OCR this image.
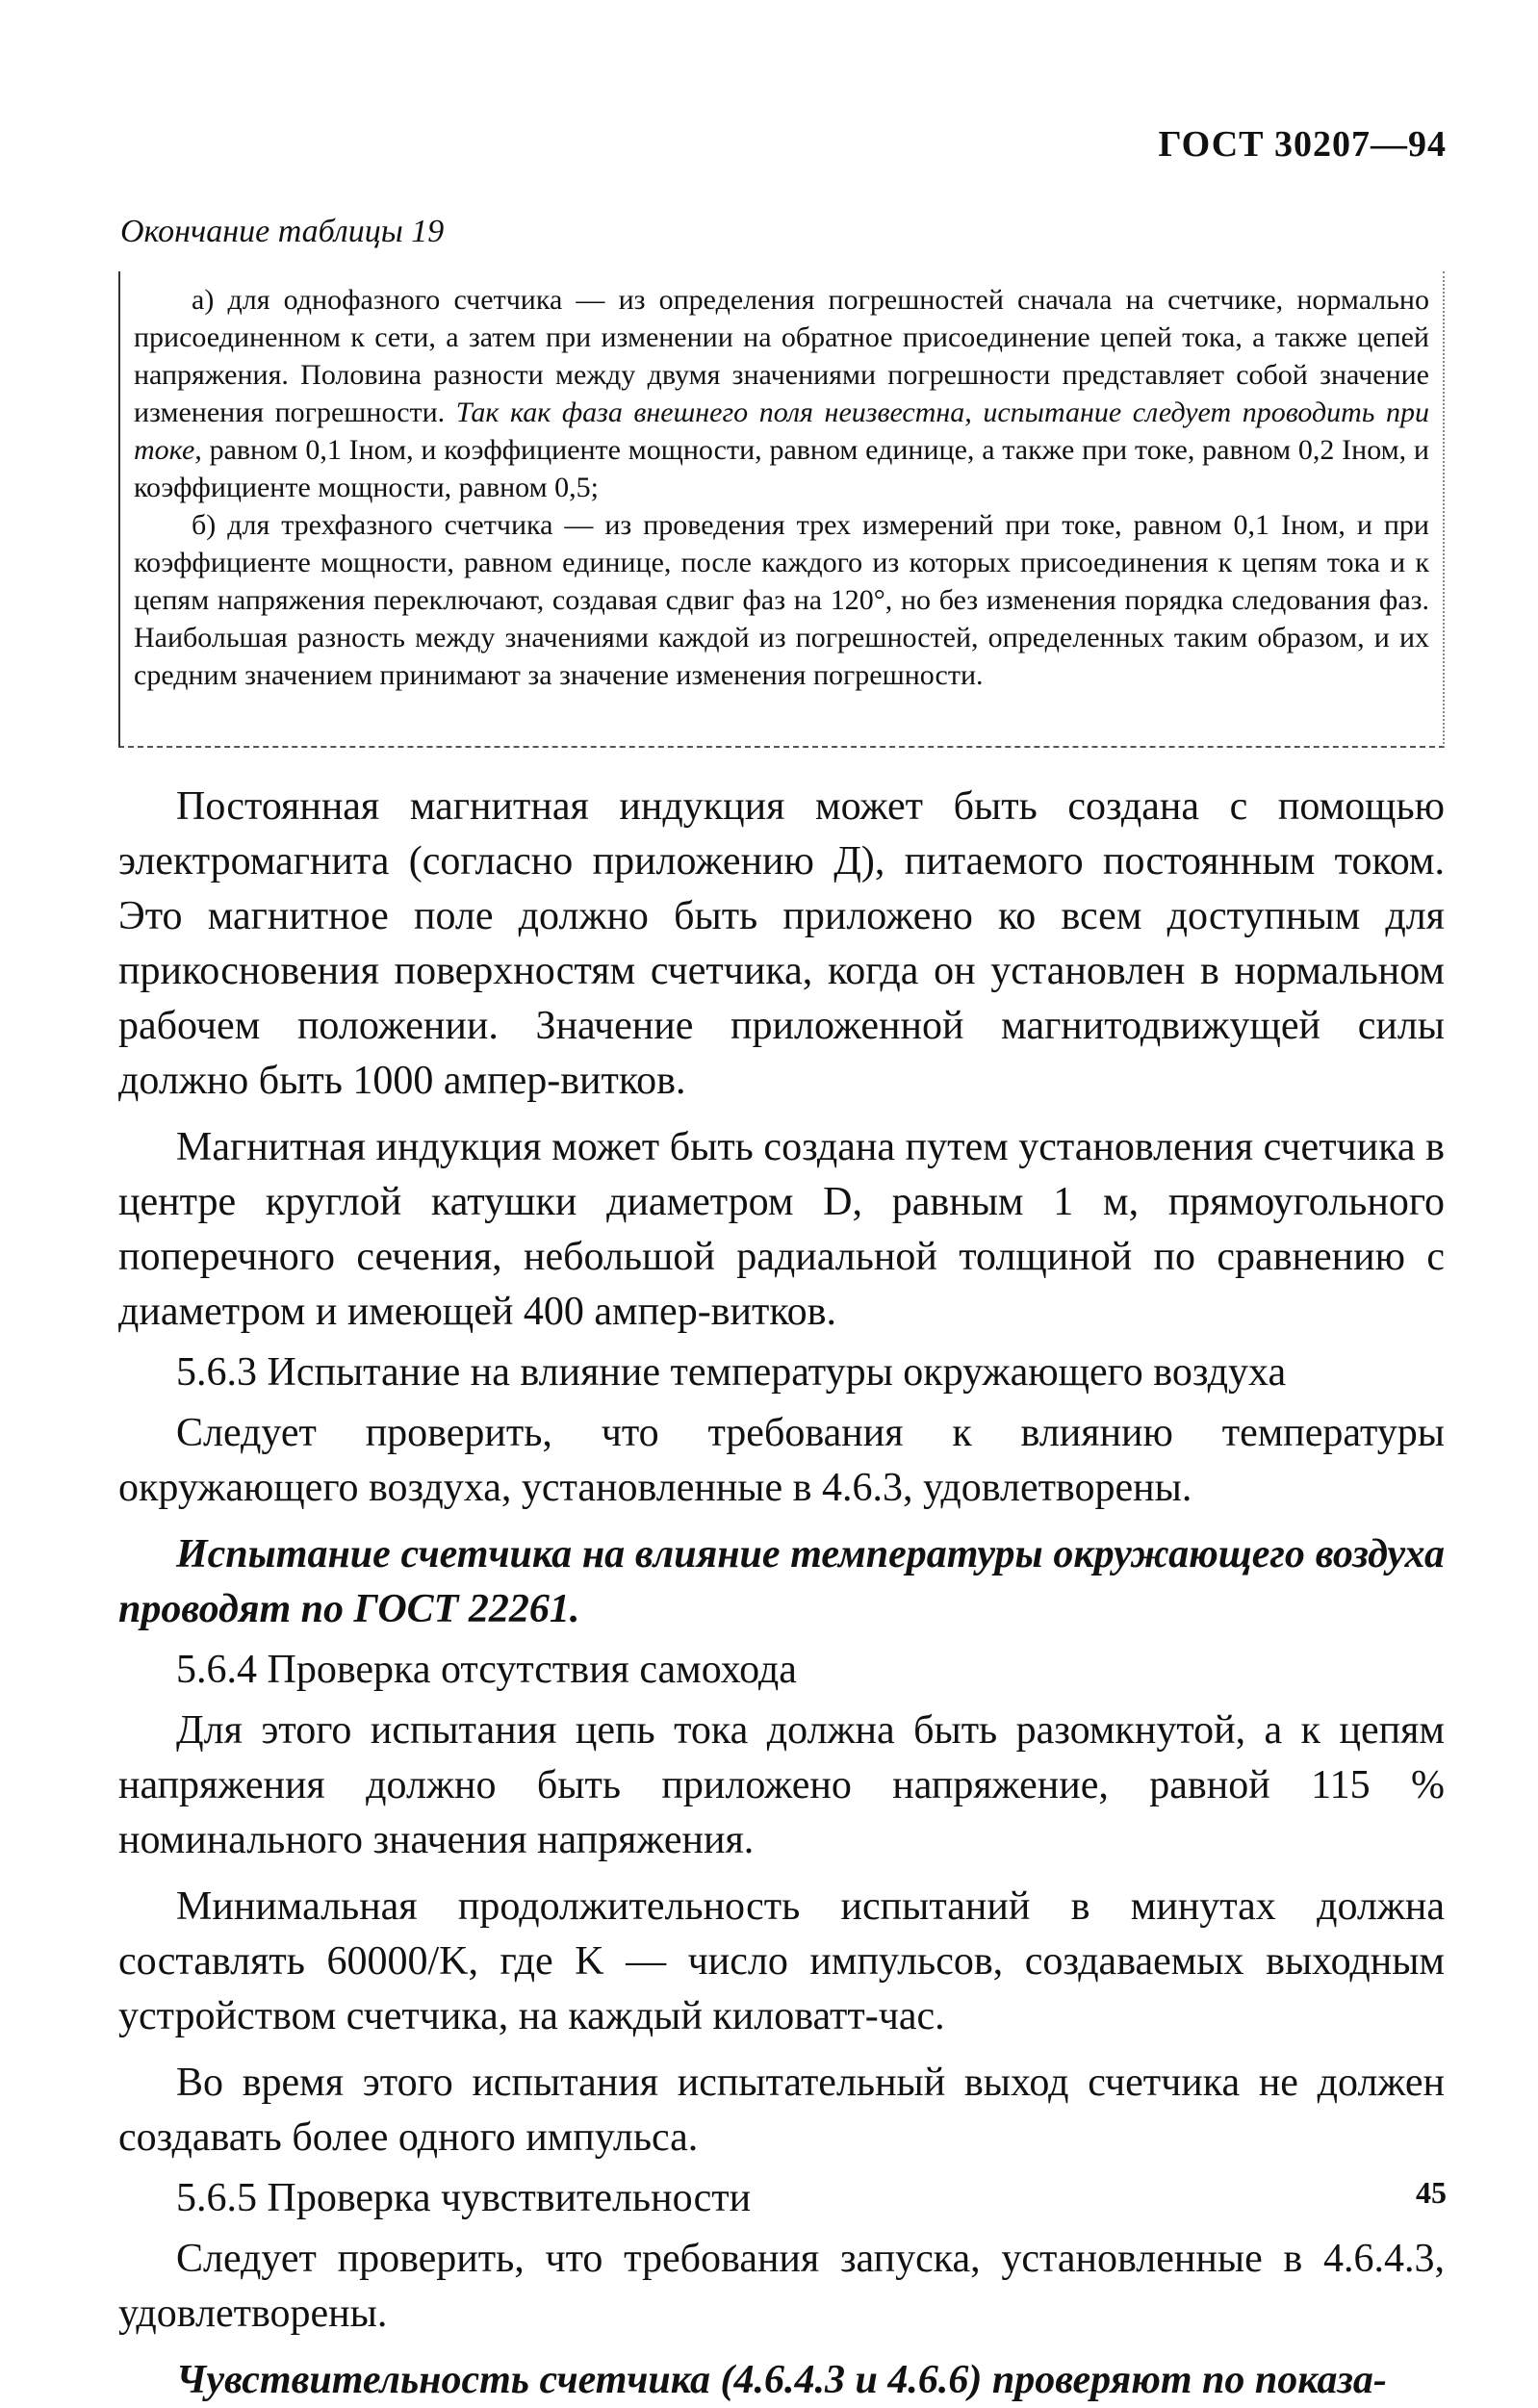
ГОСТ 30207—94
Окончание таблицы 19

а) для однофазного счетчика — из определения погрешностей сначала на счетчике, нормально присоединенном к сети, а затем при изменении на обратное присоединение цепей тока, а также цепей напряжения. Половина разности между двумя значениями погрешности представляет собой значение изменения погрешности. Так как фаза внешнего поля неизвестна, испытание следует проводить при токе, равном 0,1 Iном, и коэффициенте мощности, равном единице, а также при токе, равном 0,2 Iном, и коэффициенте мощности, равном 0,5;

б) для трехфазного счетчика — из проведения трех измерений при токе, равном 0,1 Iном, и при коэффициенте мощности, равном единице, после каждого из которых присоединения к цепям тока и к цепям напряжения переключают, создавая сдвиг фаз на 120°, но без изменения порядка следования фаз. Наибольшая разность между значениями каждой из погрешностей, определенных таким образом, и их средним значением принимают за значение изменения погрешности.

Постоянная магнитная индукция может быть создана с помощью электромагнита (согласно приложению Д), питаемого постоянным током. Это магнитное поле должно быть приложено ко всем доступным для прикосновения поверхностям счетчика, когда он установлен в нормальном рабочем положении. Значение приложенной магнитодвижущей силы должно быть 1000 ампер-витков.

Магнитная индукция может быть создана путем установления счетчика в центре круглой катушки диаметром D, равным 1 м, прямоугольного поперечного сечения, небольшой радиальной толщиной по сравнению с диаметром и имеющей 400 ампер-витков.

5.6.3 Испытание на влияние температуры окружающего воздуха

Следует проверить, что требования к влиянию температуры окружающего воздуха, установленные в 4.6.3, удовлетворены.

Испытание счетчика на влияние температуры окружающего воздуха проводят по ГОСТ 22261.

5.6.4 Проверка отсутствия самохода

Для этого испытания цепь тока должна быть разомкнутой, а к цепям напряжения должно быть приложено напряжение, равной 115 % номинального значения напряжения.

Минимальная продолжительность испытаний в минутах должна составлять 60000/K, где K — число импульсов, создаваемых выходным устройством счетчика, на каждый киловатт-час.

Во время этого испытания испытательный выход счетчика не должен создавать более одного импульса.

5.6.5 Проверка чувствительности

Следует проверить, что требования запуска, установленные в 4.6.4.3, удовлетворены.

Чувствительность счетчика (4.6.4.3 и 4.6.6) проверяют по показа-

45
